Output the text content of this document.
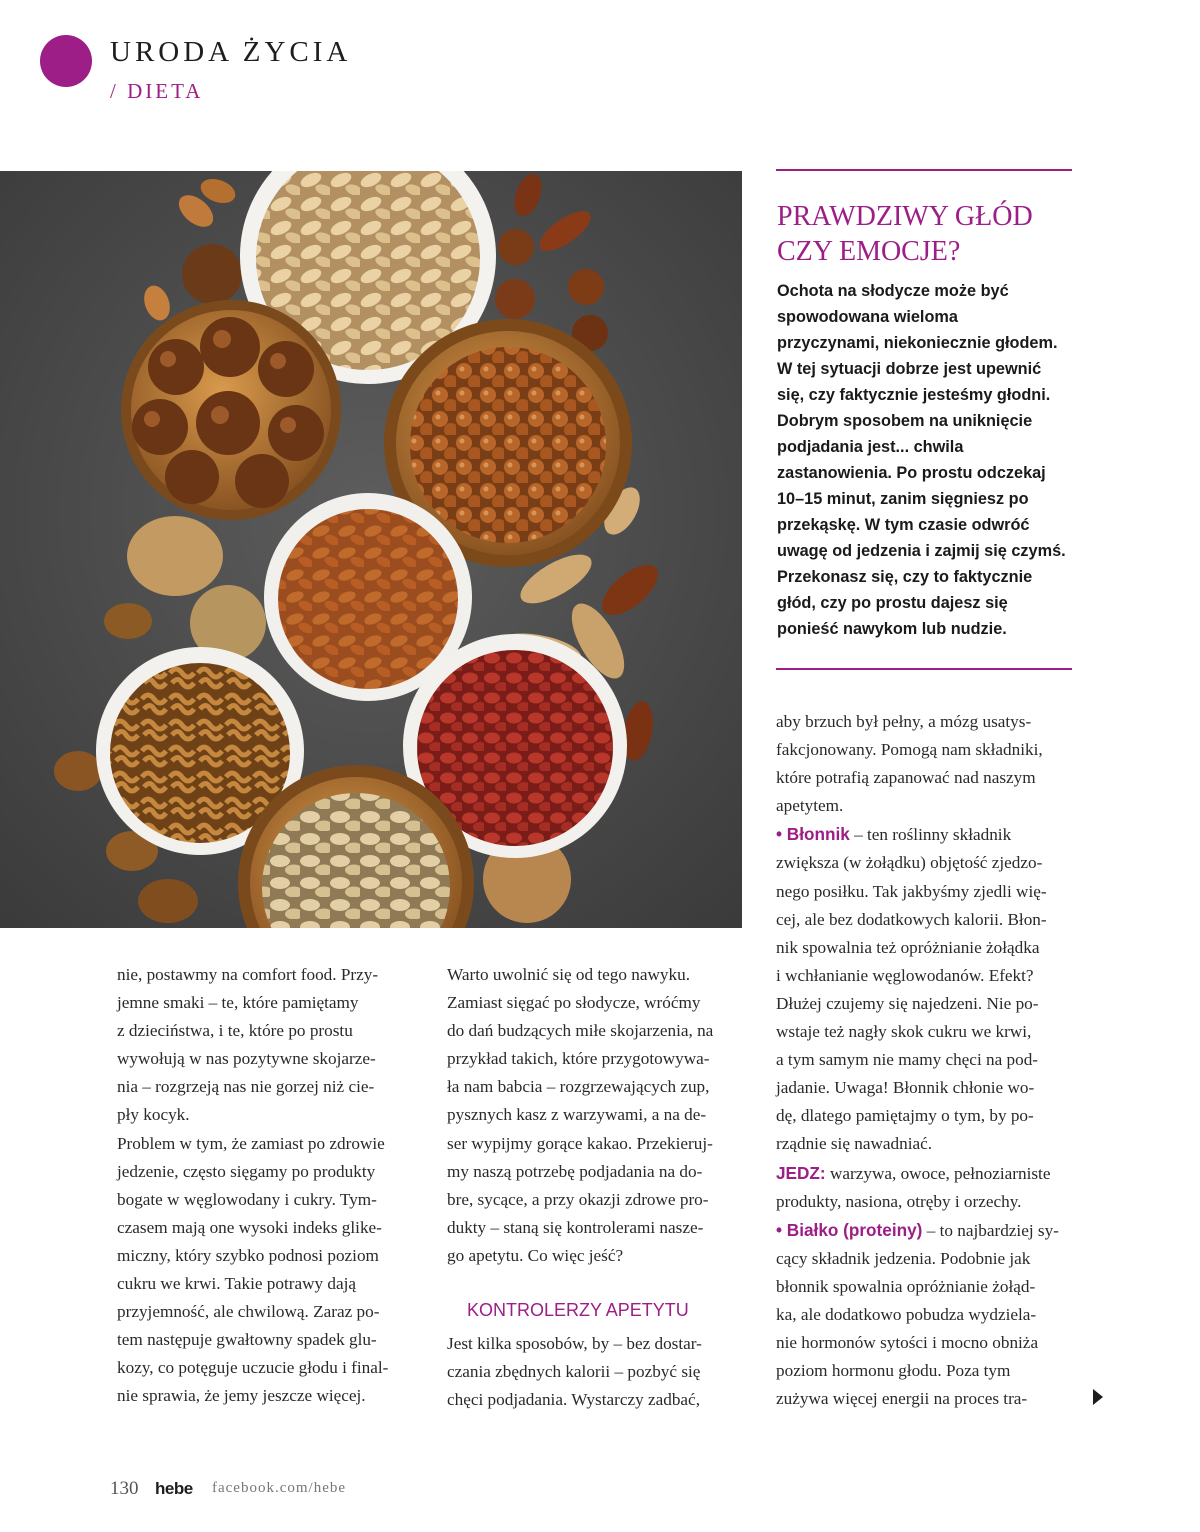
URODA ŻYCIA
/ DIETA
PRAWDZIWY GŁÓD
CZY EMOCJE?
Ochota na słodycze może być
spowodowana wieloma
przyczynami, niekoniecznie głodem.
W tej sytuacji dobrze jest upewnić
się, czy faktycznie jesteśmy głodni.
Dobrym sposobem na uniknięcie
podjadania jest... chwila
zastanowienia. Po prostu odczekaj
10–15 minut, zanim sięgniesz po
przekąskę. W tym czasie odwróć
uwagę od jedzenia i zajmij się czymś.
Przekonasz się, czy to faktycznie
głód, czy po prostu dajesz się
ponieść nawykom lub nudzie.
nie, postawmy na comfort food. Przy-
jemne smaki – te, które pamiętamy
z dzieciństwa, i te, które po prostu
wywołują w nas pozytywne skojarze-
nia – rozgrzeją nas nie gorzej niż cie-
pły kocyk.
Problem w tym, że zamiast po zdrowie
jedzenie, często sięgamy po produkty
bogate w węglowodany i cukry. Tym-
czasem mają one wysoki indeks glike-
miczny, który szybko podnosi poziom
cukru we krwi. Takie potrawy dają
przyjemność, ale chwilową. Zaraz po-
tem następuje gwałtowny spadek glu-
kozy, co potęguje uczucie głodu i final-
nie sprawia, że jemy jeszcze więcej.
Warto uwolnić się od tego nawyku.
Zamiast sięgać po słodycze, wróćmy
do dań budzących miłe skojarzenia, na
przykład takich, które przygotowywa-
ła nam babcia – rozgrzewających zup,
pysznych kasz z warzywami, a na de-
ser wypijmy gorące kakao. Przekieruj-
my naszą potrzebę podjadania na do-
bre, sycące, a przy okazji zdrowe pro-
dukty – staną się kontrolerami nasze-
go apetytu. Co więc jeść?
KONTROLERZY APETYTU
Jest kilka sposobów, by – bez dostar-
czania zbędnych kalorii – pozbyć się
chęci podjadania. Wystarczy zadbać,
aby brzuch był pełny, a mózg usatys-
fakcjonowany. Pomogą nam składniki,
które potrafią zapanować nad naszym
apetytem.
• Błonnik – ten roślinny składnik
zwiększa (w żołądku) objętość zjedzo-
nego posiłku. Tak jakbyśmy zjedli wię-
cej, ale bez dodatkowych kalorii. Błon-
nik spowalnia też opróżnianie żołądka
i wchłanianie węglowodanów. Efekt?
Dłużej czujemy się najedzeni. Nie po-
wstaje też nagły skok cukru we krwi,
a tym samym nie mamy chęci na pod-
jadanie. Uwaga! Błonnik chłonie wo-
dę, dlatego pamiętajmy o tym, by po-
rządnie się nawadniać.
JEDZ: warzywa, owoce, pełnoziarniste
produkty, nasiona, otręby i orzechy.
• Białko (proteiny) – to najbardziej sy-
cący składnik jedzenia. Podobnie jak
błonnik spowalnia opróżnianie żołąd-
ka, ale dodatkowo pobudza wydziela-
nie hormonów sytości i mocno obniża
poziom hormonu głodu. Poza tym
zużywa więcej energii na proces tra-
130 hebe facebook.com/hebe
